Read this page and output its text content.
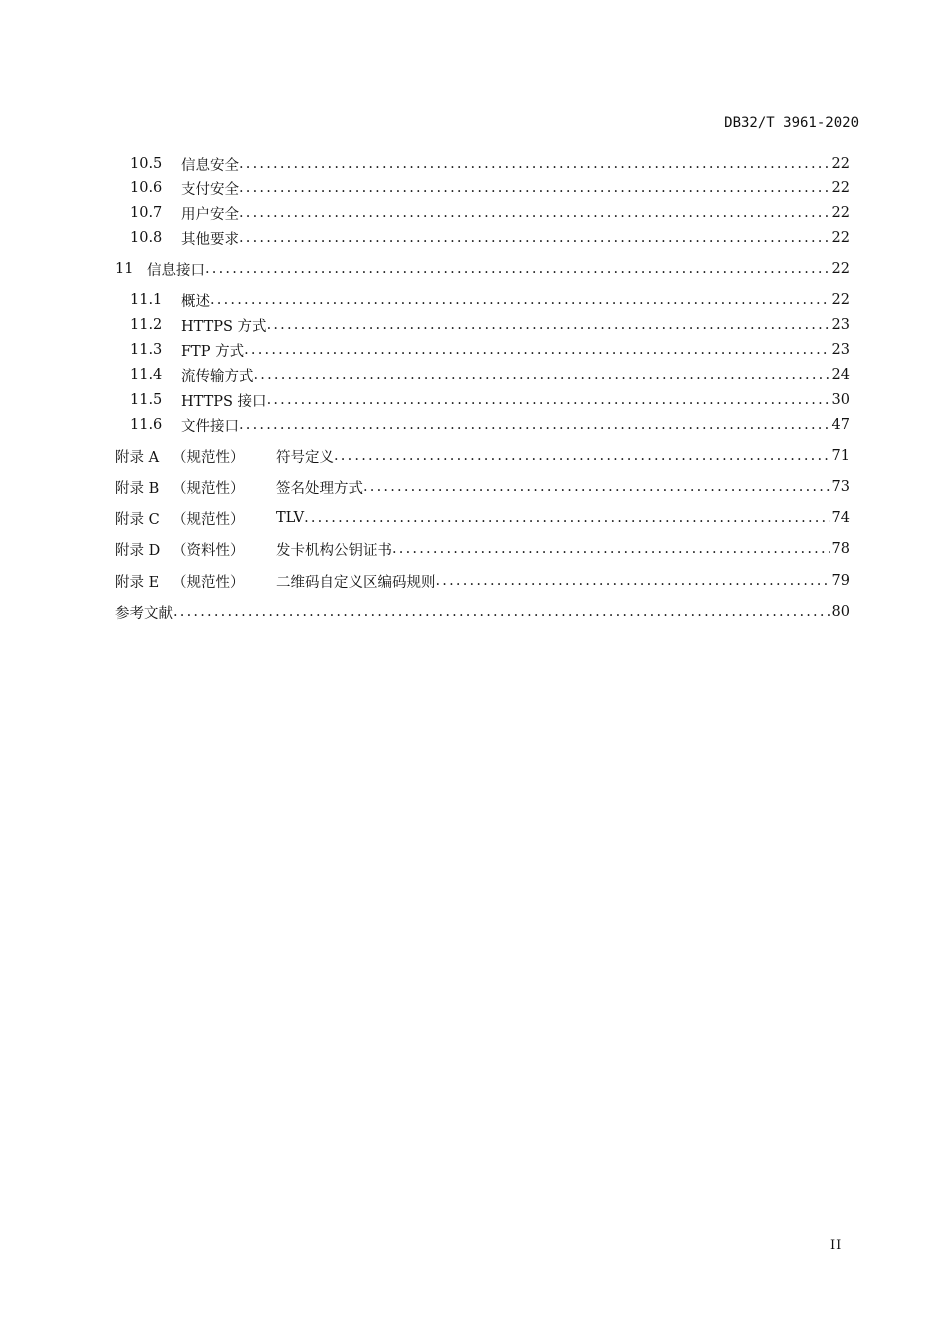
DB32/T 3961-2020
10.5 信息安全 .....	22
10.6 支付安全 .....	22
10.7 用户安全 .....	22
10.8 其他要求 .....	22
11 信息接口 .....	22
11.1 概述 .....	22
11.2 HTTPS 方式 .....	23
11.3 FTP 方式 .....	23
11.4 流传输方式 .....	24
11.5 HTTPS 接口 .....	30
11.6 文件接口 .....	47
附录 A （规范性） 符号定义 .....	71
附录 B （规范性） 签名处理方式 .....	73
附录 C （规范性） TLV .....	74
附录 D （资料性） 发卡机构公钥证书 .....	78
附录 E （规范性） 二维码自定义区编码规则 .....	79
参考文献 .....	80
II
